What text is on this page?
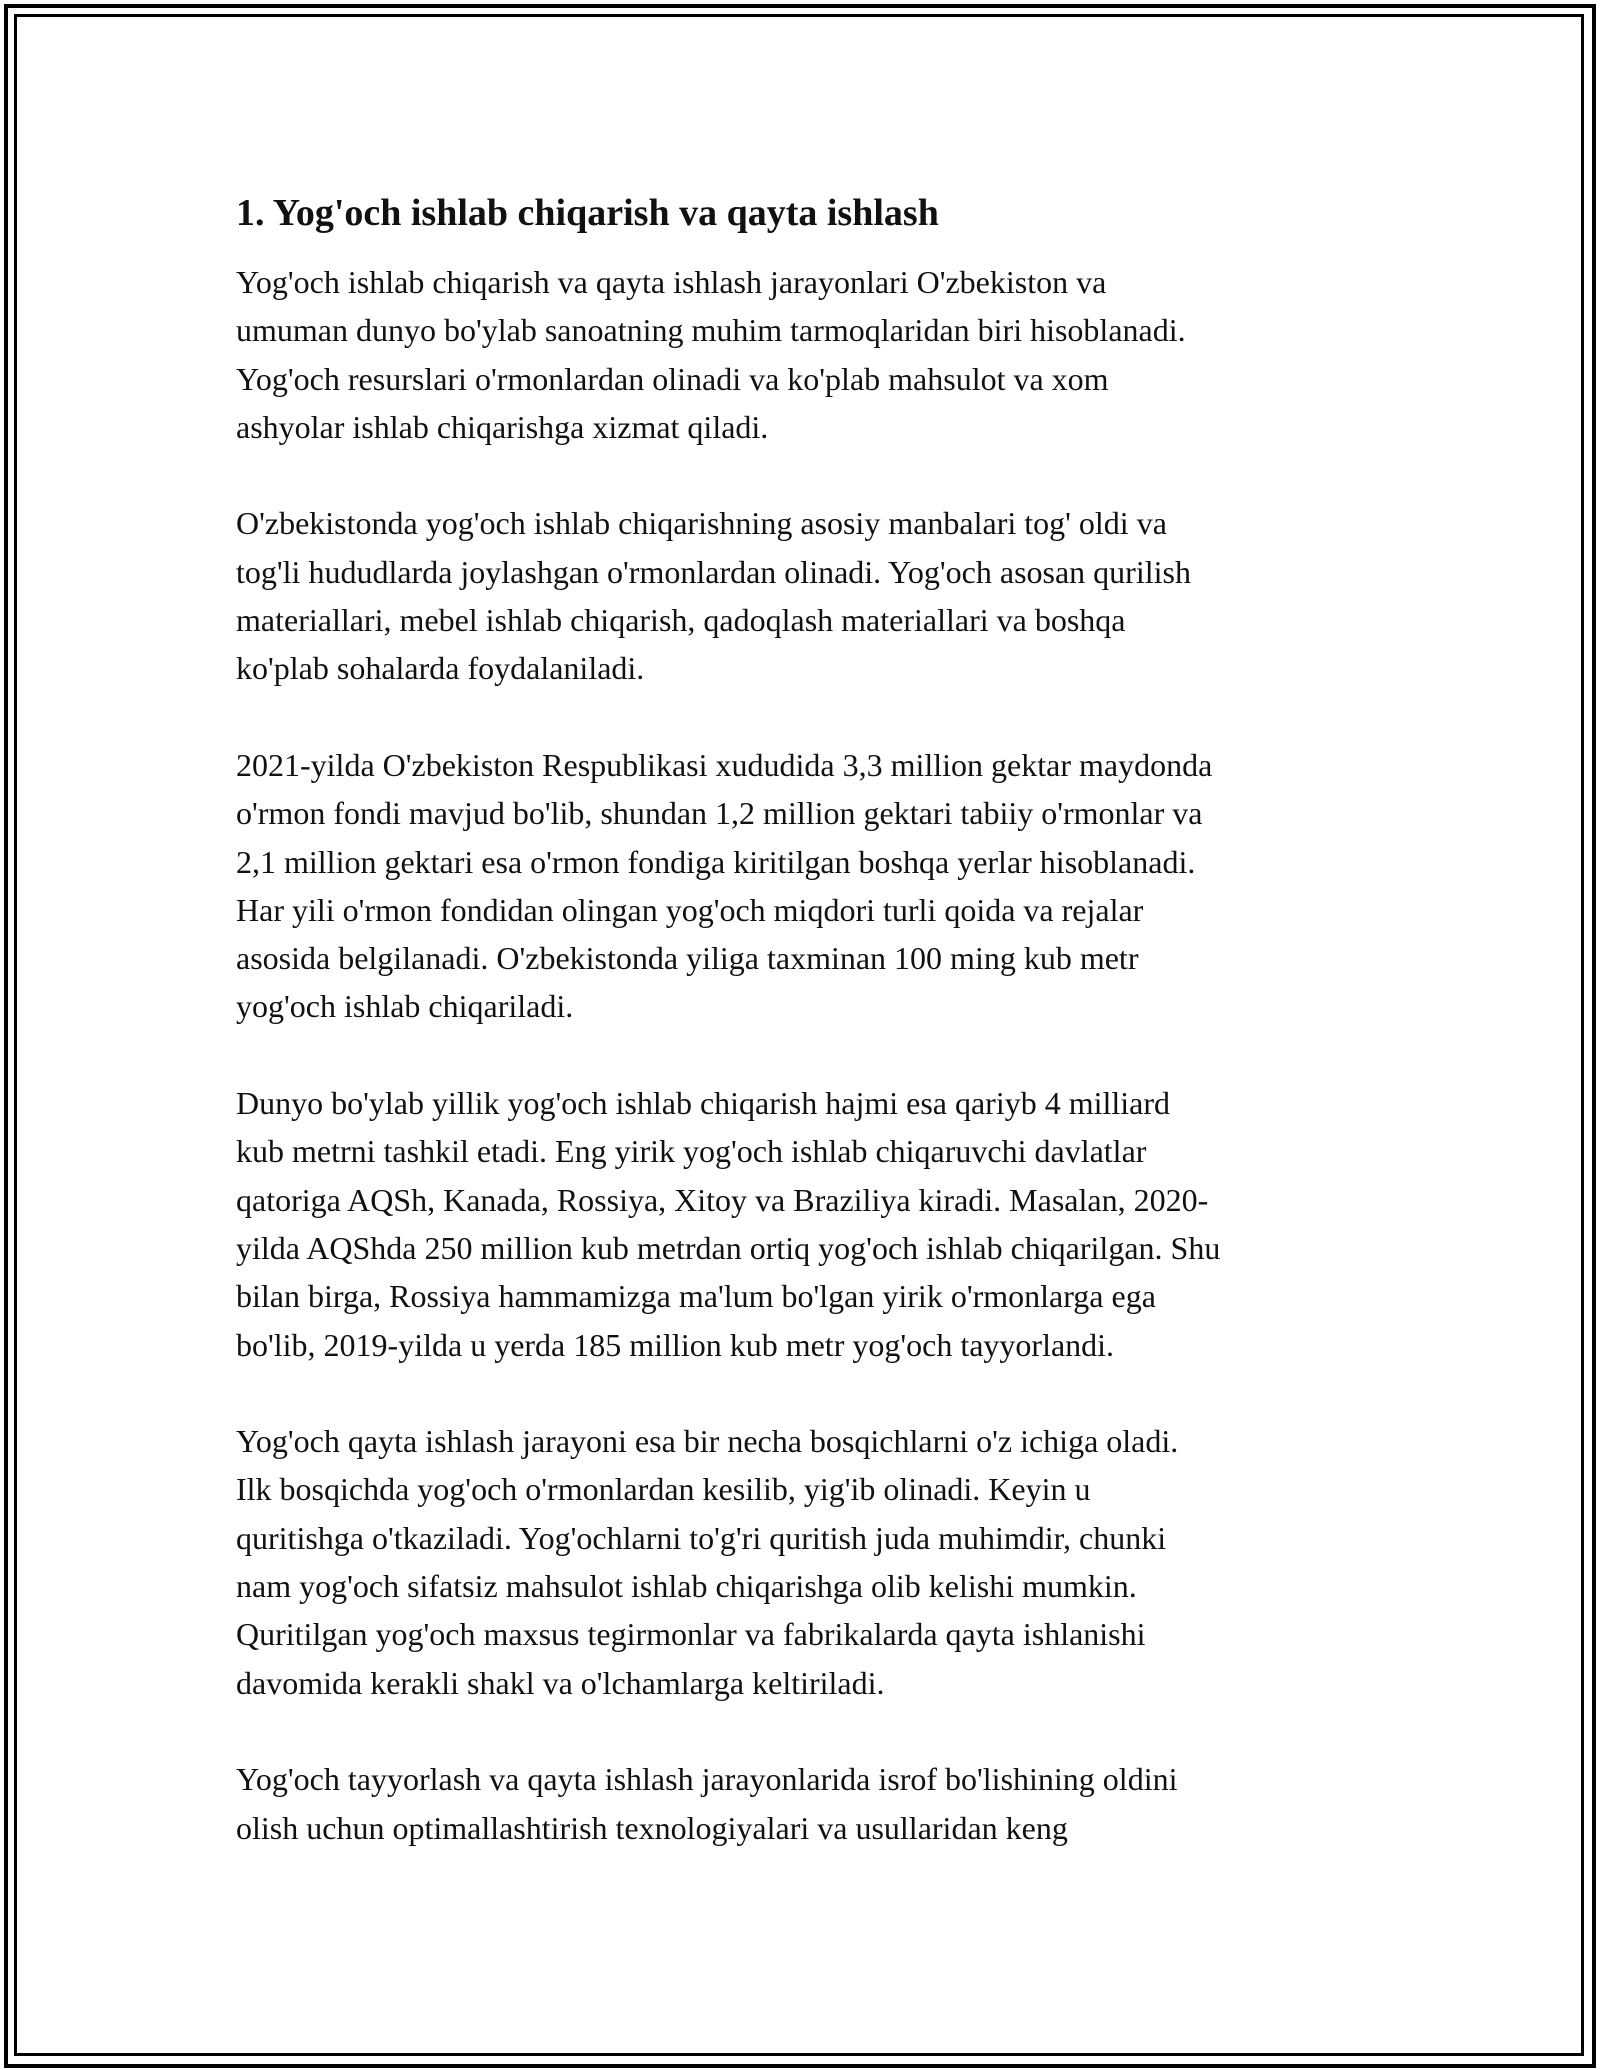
1. Yog'och ishlab chiqarish va qayta ishlash

Yog'och ishlab chiqarish va qayta ishlash jarayonlari O'zbekiston va
umuman dunyo bo'ylab sanoatning muhim tarmoqlaridan biri hisoblanadi.
Yog'och resurslari o'rmonlardan olinadi va ko'plab mahsulot va xom
ashyolar ishlab chiqarishga xizmat qiladi.

O'zbekistonda yog'och ishlab chiqarishning asosiy manbalari tog' oldi va
tog'li hududlarda joylashgan o'rmonlardan olinadi. Yog'och asosan qurilish
materiallari, mebel ishlab chiqarish, qadoqlash materiallari va boshqa
ko'plab sohalarda foydalaniladi.

2021-yilda O'zbekiston Respublikasi xududida 3,3 million gektar maydonda
o'rmon fondi mavjud bo'lib, shundan 1,2 million gektari tabiiy o'rmonlar va
2,1 million gektari esa o'rmon fondiga kiritilgan boshqa yerlar hisoblanadi.
Har yili o'rmon fondidan olingan yog'och miqdori turli qoida va rejalar
asosida belgilanadi. O'zbekistonda yiliga taxminan 100 ming kub metr
yog'och ishlab chiqariladi.

Dunyo bo'ylab yillik yog'och ishlab chiqarish hajmi esa qariyb 4 milliard
kub metrni tashkil etadi. Eng yirik yog'och ishlab chiqaruvchi davlatlar
qatoriga AQSh, Kanada, Rossiya, Xitoy va Braziliya kiradi. Masalan, 2020-
yilda AQShda 250 million kub metrdan ortiq yog'och ishlab chiqarilgan. Shu
bilan birga, Rossiya hammamizga ma'lum bo'lgan yirik o'rmonlarga ega
bo'lib, 2019-yilda u yerda 185 million kub metr yog'och tayyorlandi.

Yog'och qayta ishlash jarayoni esa bir necha bosqichlarni o'z ichiga oladi.
Ilk bosqichda yog'och o'rmonlardan kesilib, yig'ib olinadi. Keyin u
quritishga o'tkaziladi. Yog'ochlarni to'g'ri quritish juda muhimdir, chunki
nam yog'och sifatsiz mahsulot ishlab chiqarishga olib kelishi mumkin.
Quritilgan yog'och maxsus tegirmonlar va fabrikalarda qayta ishlanishi
davomida kerakli shakl va o'lchamlarga keltiriladi.

Yog'och tayyorlash va qayta ishlash jarayonlarida isrof bo'lishining oldini
olish uchun optimallashtirish texnologiyalari va usullaridan keng
